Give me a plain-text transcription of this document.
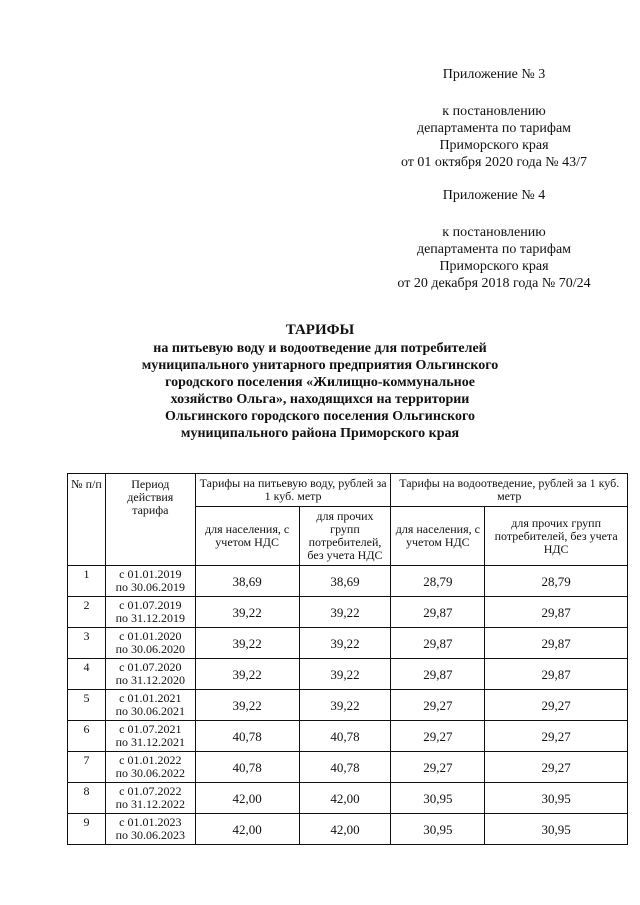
Приложение № 3
к постановлению
департамента по тарифам
Приморского края
от 01 октября 2020 года № 43/7
Приложение № 4
к постановлению
департамента по тарифам
Приморского края
от 20 декабря 2018 года № 70/24
ТАРИФЫ
на питьевую воду и водоотведение для потребителей
муниципального унитарного предприятия Ольгинского
городского поселения «Жилищно-коммунальное
хозяйство Ольга», находящихся на территории
Ольгинского городского поселения Ольгинского
муниципального района Приморского края
№ п/п	Период действия тарифа	Тарифы на питьевую воду, рублей за 1 куб. метр		Тарифы на водоотведение, рублей за 1 куб. метр	
		для населения, с учетом НДС	для прочих групп потребителей, без учета НДС	для населения, с учетом НДС	для прочих групп потребителей, без учета НДС
1	с 01.01.2019
по 30.06.2019	38,69	38,69	28,79	28,79
2	с 01.07.2019
по 31.12.2019	39,22	39,22	29,87	29,87
3	с 01.01.2020
по 30.06.2020	39,22	39,22	29,87	29,87
4	с 01.07.2020
по 31.12.2020	39,22	39,22	29,87	29,87
5	с 01.01.2021
по 30.06.2021	39,22	39,22	29,27	29,27
6	с 01.07.2021
по 31.12.2021	40,78	40,78	29,27	29,27
7	с 01.01.2022
по 30.06.2022	40,78	40,78	29,27	29,27
8	с 01.07.2022
по 31.12.2022	42,00	42,00	30,95	30,95
9	с 01.01.2023
по 30.06.2023	42,00	42,00	30,95	30,95
